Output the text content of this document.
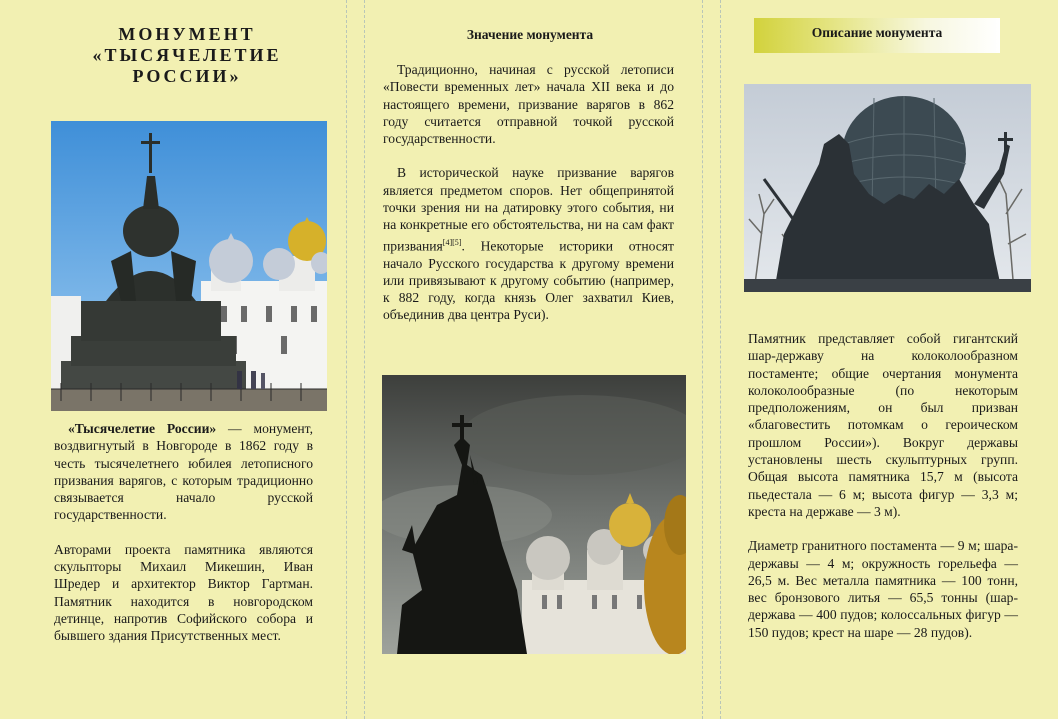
МОНУМЕНТ
«ТЫСЯЧЕЛЕТИЕ
РОССИИ»

«Тысячелетие России» — монумент, воздвигнутый в Новгороде в 1862 году в честь тысячелетнего юбилея летописного призвания варягов, с которым традиционно связывается начало русской государственности.

Авторами проекта памятника являются скульпторы Михаил Микешин, Иван Шредер и архитектор Виктор Гартман. Памятник находится в новгородском детинце, напротив Софийского собора и бывшего здания Присутственных мест.

Значение монумента

Традиционно, начиная с русской летописи «Повести временных лет» начала XII века и до настоящего времени, призвание варягов в 862 году считается отправной точкой русской государственности.

В исторической науке призвание варягов является предметом споров. Нет общепринятой точки зрения ни на датировку этого события, ни на конкретные его обстоятельства, ни на сам факт призвания[4][5]. Некоторые историки относят начало Русского государства к другому времени или привязывают к другому событию (например, к 882 году, когда князь Олег захватил Киев, объединив два центра Руси).

Описание монумента

Памятник представляет собой гигантский шар-державу на колоколообразном постаменте; общие очертания монумента колоколообразные (по некоторым предположениям, он был призван «благовестить потомкам о героическом прошлом России»). Вокруг державы установлены шесть скульптурных групп. Общая высота памятника 15,7 м (высота пьедестала — 6 м; высота фигур — 3,3 м; креста на державе — 3 м).

Диаметр гранитного постамента — 9 м; шара-державы — 4 м; окружность горельефа — 26,5 м. Вес металла памятника — 100 тонн, вес бронзового литья — 65,5 тонны (шар-держава — 400 пудов; колоссальных фигур — 150 пудов; крест на шаре — 28 пудов).
